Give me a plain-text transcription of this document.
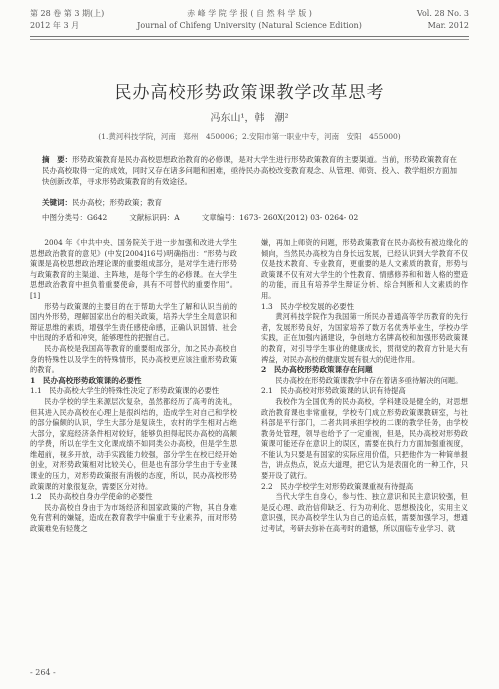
第 28 卷 第 3 期(上)
2012 年 3 月
赤 峰 学 院 学 报 ( 自 然 科 学 版 )
Journal of Chifeng University (Natural Science Edition)
Vol. 28 No. 3
Mar. 2012
民办高校形势政策课教学改革思考
冯东山¹，韩　潮²
(1.黄河科技学院，河南　郑州　450006；2.安阳市第一职业中专，河南　安阳　455000)
摘　要：形势政策教育是民办高校思想政治教育的必修课，是对大学生进行形势政策教育的主要渠道。当前，形势政策教育在民办高校取得一定的成效，同时又存在诸多问题和困难，亟待民办高校改变教育观念、从管理、师资、投入、教学组织方面加快创新改革，寻求形势政策教育的有效途径。
关键词：民办高校；形势政策；教育
中图分类号：G642	文献标识码：A	文章编号：1673- 260X(2012) 03- 0264- 02

2004 年《中共中央、国务院关于进一步加强和改进大学生思想政治教育的意见》(中发[2004]16号)明确指出：“形势与政策课是高校思想政治理论课的重要组成部分，是对学生进行形势与政策教育的主渠道、主阵地，是每个学生的必修课。在大学生思想政治教育中担负着重要使命，具有不可替代的重要作用”。[1]

形势与政策课的主要目的在于帮助大学生了解和认识当前的国内外形势，理解国家出台的相关政策，培养大学生全局意识和辩证思维的素质，增强学生责任感使命感，正确认识国情、社会中出现的矛盾和冲突，能够理性的把握自己。

民办高校是我国高等教育的重要组成部分，加之民办高校自身的特殊性以及学生的特殊情形，民办高校更应该注重形势政策的教育。

1　民办高校形势政策课的必要性
1.1　民办高校大学生的特殊性决定了形势政策课的必要性

民办学校的学生来源层次复杂，虽然都经历了高考的洗礼，但其进入民办高校在心理上是很纠结的，造成学生对自己和学校的部分偏颇的认识，学生大部分是复读生，农村的学生相对占绝大部分，家庭经济条件相对较好，能够负担得起民办高校的高额的学费，所以在学生文化课成绩不如同类公办高校，但是学生思维超前，视多开放，动手实践能力较强，部分学生在校已经开始创业，对形势政策相对比较关心，但是也有部分学生由于专业课课业的压力，对形势政策报有消极的态度，所以，民办高校形势政策课的对象很复杂，需要区分对待。

1.2　民办高校自身办学使命的必要性

民办高校自身由于为市场经济和国家政策的产物，其自身难免有营利的嫌疑，造成在教育教学中偏重于专业素养，而对形势政策难免有轻蔑之

嫌，再加上师资的问题，形势政策教育在民办高校有被边缘化的倾向，当然民办高校为自身长远发展，已经认识到大学教育不仅仅是技术教育、专业教育，更重要的是人文素质的教育，形势与政策课不仅有对大学生的个性教育、情感修养和和谐人格的塑造的功能，而且有培养学生辩证分析、综合判断和人文素质的作用。

1.3　民办学校发展的必要性

黄河科技学院作为我国第一所民办普通高等学历教育的先行者，发展形势良好，为国家培养了数万名优秀毕业生，学校办学实践，正在加强内涵建设，争创地方名牌高校和加强形势政策课的教育，对引导学生事业的健康成长，贯彻党的教育方针是大有裨益，对民办高校的健康发展有很大的促进作用。

2　民办高校形势政策课存在问题

民办高校在形势政策课教学中存在着诸多亟待解决的问题。

2.1　民办高校对形势政策课的认识有待提高

我校作为全国优秀的民办高校，学科建设是健全的，对思想政治教育课也非常重视，学校专门成立形势政策课教研室，与社科部是平行部门，二者共同承担学校的二课的教学任务，由学校教务处管理，领导也给予了一定重视，但是，民办高校对形势政策课可能还存在意识上的误区，需要在执行力方面加强重视度，不能认为只要是有国家的实际应用价值，只把他作为一种简单报告，讲点热点，说点大道理，把它认为是表面化的一种工作，只要开设了就行。

2.2　民办学校学生对形势政策课重视有待提高

当代大学生自身心，参与性、独立意识和民主意识较强，但是反心理、政治信仰缺乏、行为功利化、思想极浅化，实用主义意识强，民办高校学生认为自己的追点低，需要加强学习，想通过考试，考研去弥补在高考时的遗憾，所以面临专业学习、就

- 264 -
